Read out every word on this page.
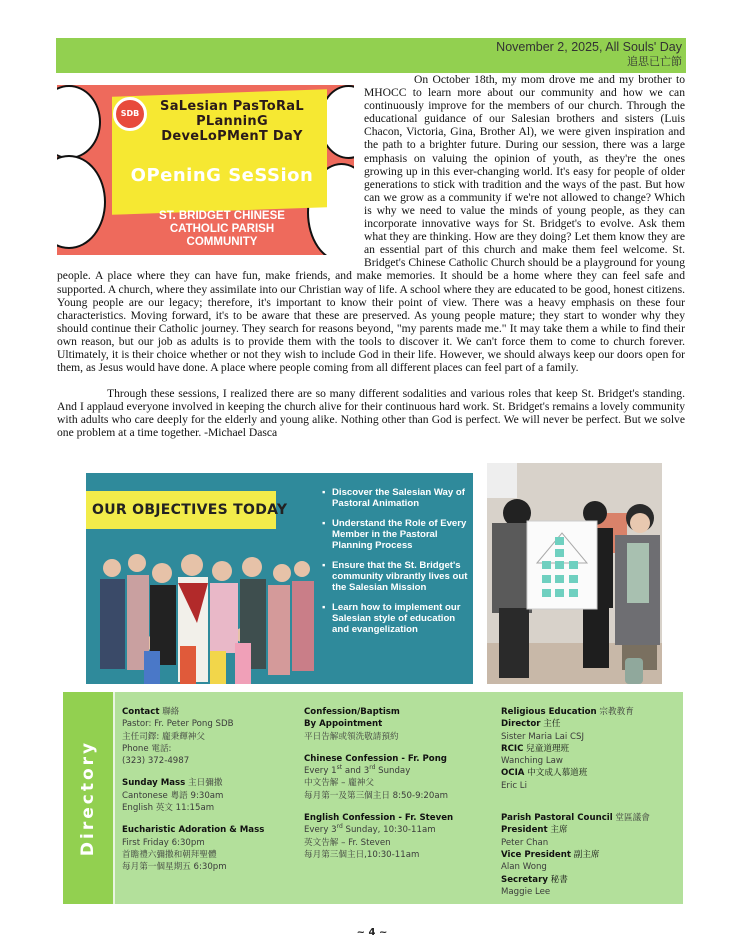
November 2, 2025, All Souls' Day
追思已亡節
SDB	SaLesian PasToRaL PLanninG DeveLoPMenT DaY
OPeninG SeSSion
ST. BRIDGET CHINESE CATHOLIC PARISH COMMUNITY

On October 18th, my mom drove me and my brother to MHOCC to learn more about our community and how we can continuously improve for the members of our church. Through the educational guidance of our Salesian brothers and sisters (Luis Chacon, Victoria, Gina, Brother Al), we were given inspiration and the path to a brighter future. During our session, there was a large emphasis on valuing the opinion of youth, as they're the ones growing up in this ever-changing world. It's easy for people of older generations to stick with tradition and the ways of the past. But how can we grow as a community if we're not allowed to change? Which is why we need to value the minds of young people, as they can incorporate innovative ways for St. Bridget's to evolve. Ask them what they are thinking. How are they doing? Let them know they are an essential part of this church and make them feel welcome. St. Bridget's Chinese Catholic Church should be a playground for young people. A place where they can have fun, make friends, and make memories. It should be a home where they can feel safe and supported. A church, where they assimilate into our Christian way of life. A school where they are educated to be good, honest citizens. Young people are our legacy; therefore, it's important to know their point of view. There was a heavy emphasis on these four characteristics. Moving forward, it's to be aware that these are preserved. As young people mature; they start to wonder why they should continue their Catholic journey. They search for reasons beyond, "my parents made me." It may take them a while to find their own reason, but our job as adults is to provide them with the tools to discover it. We can't force them to come to church forever. Ultimately, it is their choice whether or not they wish to include God in their life. However, we should always keep our doors open for them, as Jesus would have done. A place where people coming from all different places can feel part of a family.

Through these sessions, I realized there are so many different sodalities and various roles that keep St. Bridget's standing. And I applaud everyone involved in keeping the church alive for their continuous hard work. St. Bridget's remains a lovely community with adults who care deeply for the elderly and young alike. Nothing other than God is perfect. We will never be perfect. But we solve one problem at a time together. -Michael Dasca

OUR OBJECTIVES TODAY
▪ Discover the Salesian Way of Pastoral Animation
▪ Understand the Role of Every Member in the Pastoral Planning Process
▪ Ensure that the St. Bridget's community vibrantly lives out the Salesian Mission
▪ Learn how to implement our Salesian style of education and evangelization
Directory
Contact 聯絡
Pastor: Fr. Peter Pong SDB
主任司鐸: 龐秉輝神父
Phone 電話:
(323) 372-4987
Sunday Mass 主日彌撒
Cantonese 粵語 9:30am
English 英文 11:15am
Eucharistic Adoration & Mass
First Friday 6:30pm
首瞻禮六彌撒和朝拜聖體
每月第一個星期五 6:30pm
Confession/Baptism
By Appointment
平日告解或領洗敬請預約
Chinese Confession - Fr. Pong
Every 1st and 3rd Sunday
中文告解 – 龐神父
每月第一及第三個主日 8:50-9:20am
English Confession - Fr. Steven
Every 3rd Sunday, 10:30-11am
英文告解 – Fr. Steven
每月第三個主日,10:30-11am
Religious Education 宗教教育
Director 主任
Sister Maria Lai CSJ
RCIC 兒童道理班
Wanching Law
OCIA 中文成人慕道班
Eric Li
Parish Pastoral Council 堂區議會
President 主席
Peter Chan
Vice President 副主席
Alan Wong
Secretary 秘書
Maggie Lee
~ 4 ~
